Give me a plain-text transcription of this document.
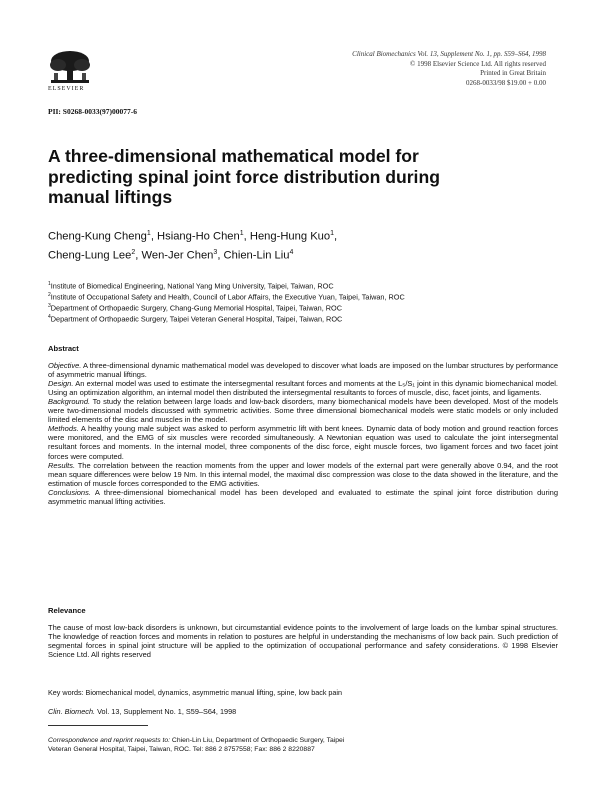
ELSEVIER
Clinical Biomechanics Vol. 13, Supplement No. 1, pp. S59–S64, 1998
© 1998 Elsevier Science Ltd. All rights reserved
Printed in Great Britain
0268-0033/98 $19.00 + 0.00
PII: S0268-0033(97)00077-6
A three-dimensional mathematical model for predicting spinal joint force distribution during manual liftings
Cheng-Kung Cheng$^1$, Hsiang-Ho Chen$^1$, Heng-Hung Kuo$^1$,
Cheng-Lung Lee$^2$, Wen-Jer Chen$^3$, Chien-Lin Liu$^4$
$^1$Institute of Biomedical Engineering, National Yang Ming University, Taipei, Taiwan, ROC
$^2$Institute of Occupational Safety and Health, Council of Labor Affairs, the Executive Yuan, Taipei, Taiwan, ROC
$^3$Department of Orthopaedic Surgery, Chang-Gung Memorial Hospital, Taipei, Taiwan, ROC
$^4$Department of Orthopaedic Surgery, Taipei Veteran General Hospital, Taipei, Taiwan, ROC
Abstract

Objective. A three-dimensional dynamic mathematical model was developed to discover what loads are imposed on the lumbar structures by performance of asymmetric manual liftings.

Design. An external model was used to estimate the intersegmental resultant forces and moments at the L₅/S₁ joint in this dynamic biomechanical model. Using an optimization algorithm, an internal model then distributed the intersegmental resultants to forces of muscle, disc, facet joints, and ligaments.

Background. To study the relation between large loads and low-back disorders, many biomechanical models have been developed. Most of the models were two-dimensional models discussed with symmetric activities. Some three dimensional biomechanical models were static models or only included limited elements of the disc and muscles in the model.

Methods. A healthy young male subject was asked to perform asymmetric lift with bent knees. Dynamic data of body motion and ground reaction forces were monitored, and the EMG of six muscles were recorded simultaneously. A Newtonian equation was used to calculate the joint intersegmental resultant forces and moments. In the internal model, three components of the disc force, eight muscle forces, two ligament forces and two facet joint forces were computed.

Results. The correlation between the reaction moments from the upper and lower models of the external part were generally above 0.94, and the root mean square differences were below 19 Nm. In this internal model, the maximal disc compression was close to the data showed in the literature, and the estimation of muscle forces corresponded to the EMG activities.

Conclusions. A three-dimensional biomechanical model has been developed and evaluated to estimate the spinal joint force distribution during asymmetric manual lifting activities.

Relevance

The cause of most low-back disorders is unknown, but circumstantial evidence points to the involvement of large loads on the lumbar spinal structures. The knowledge of reaction forces and moments in relation to postures are helpful in understanding the mechanisms of low back pain. Such prediction of segmental forces in spinal joint structure will be applied to the optimization of occupational performance and safety considerations. © 1998 Elsevier Science Ltd. All rights reserved

Key words: Biomechanical model, dynamics, asymmetric manual lifting, spine, low back pain
Clin. Biomech. Vol. 13, Supplement No. 1, S59–S64, 1998
Correspondence and reprint requests to: Chien-Lin Liu, Department of Orthopaedic Surgery, Taipei Veteran General Hospital, Taipei, Taiwan, ROC. Tel: 886 2 8757558; Fax: 886 2 8220887
